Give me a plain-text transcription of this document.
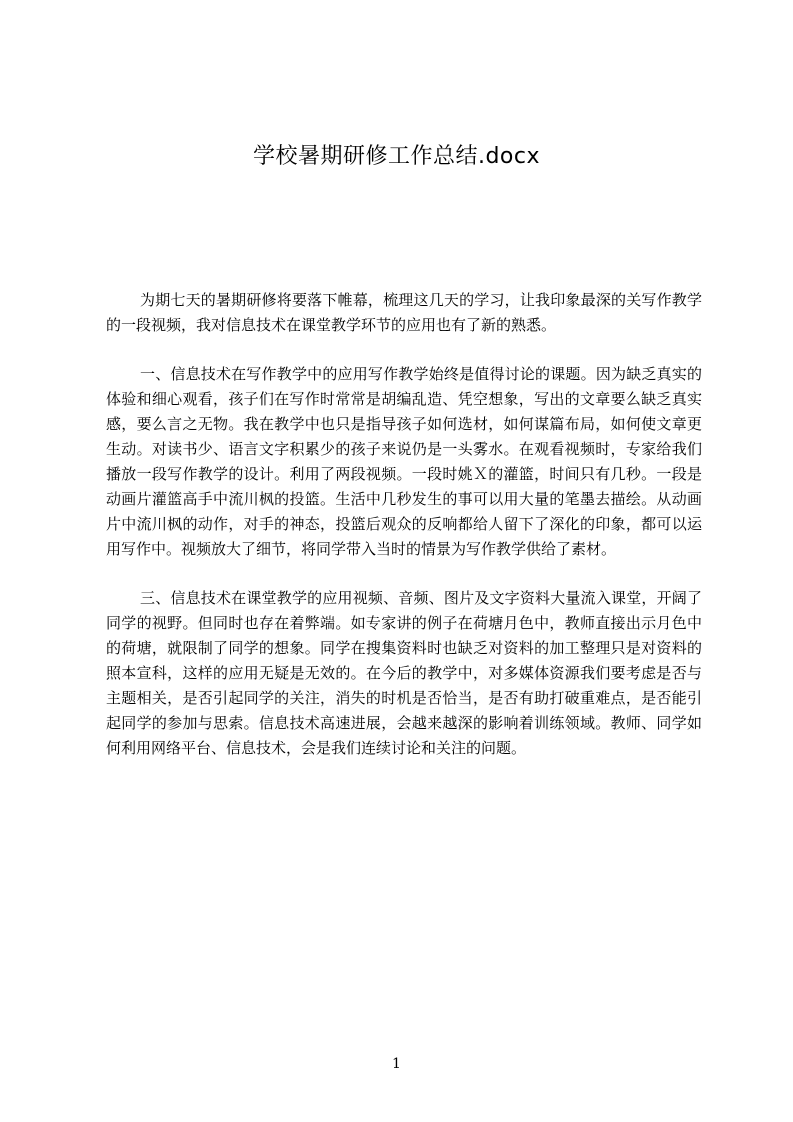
学校暑期研修工作总结.docx

为期七天的暑期研修将要落下帷幕，梳理这几天的学习，让我印象最深的关写作教学的一段视频，我对信息技术在课堂教学环节的应用也有了新的熟悉。

一、信息技术在写作教学中的应用写作教学始终是值得讨论的课题。因为缺乏真实的体验和细心观看，孩子们在写作时常常是胡编乱造、凭空想象，写出的文章要么缺乏真实感，要么言之无物。我在教学中也只是指导孩子如何选材，如何谋篇布局，如何使文章更生动。对读书少、语言文字积累少的孩子来说仍是一头雾水。在观看视频时，专家给我们播放一段写作教学的设计。利用了两段视频。一段时姚Ｘ的灌篮，时间只有几秒。一段是动画片灌篮高手中流川枫的投篮。生活中几秒发生的事可以用大量的笔墨去描绘。从动画片中流川枫的动作，对手的神态，投篮后观众的反响都给人留下了深化的印象，都可以运用写作中。视频放大了细节，将同学带入当时的情景为写作教学供给了素材。

三、信息技术在课堂教学的应用视频、音频、图片及文字资料大量流入课堂，开阔了同学的视野。但同时也存在着弊端。如专家讲的例子在荷塘月色中，教师直接出示月色中的荷塘，就限制了同学的想象。同学在搜集资料时也缺乏对资料的加工整理只是对资料的照本宣科，这样的应用无疑是无效的。在今后的教学中，对多媒体资源我们要考虑是否与主题相关，是否引起同学的关注，消失的时机是否恰当，是否有助打破重难点，是否能引起同学的参加与思索。信息技术高速进展，会越来越深的影响着训练领域。教师、同学如何利用网络平台、信息技术，会是我们连续讨论和关注的问题。

1
